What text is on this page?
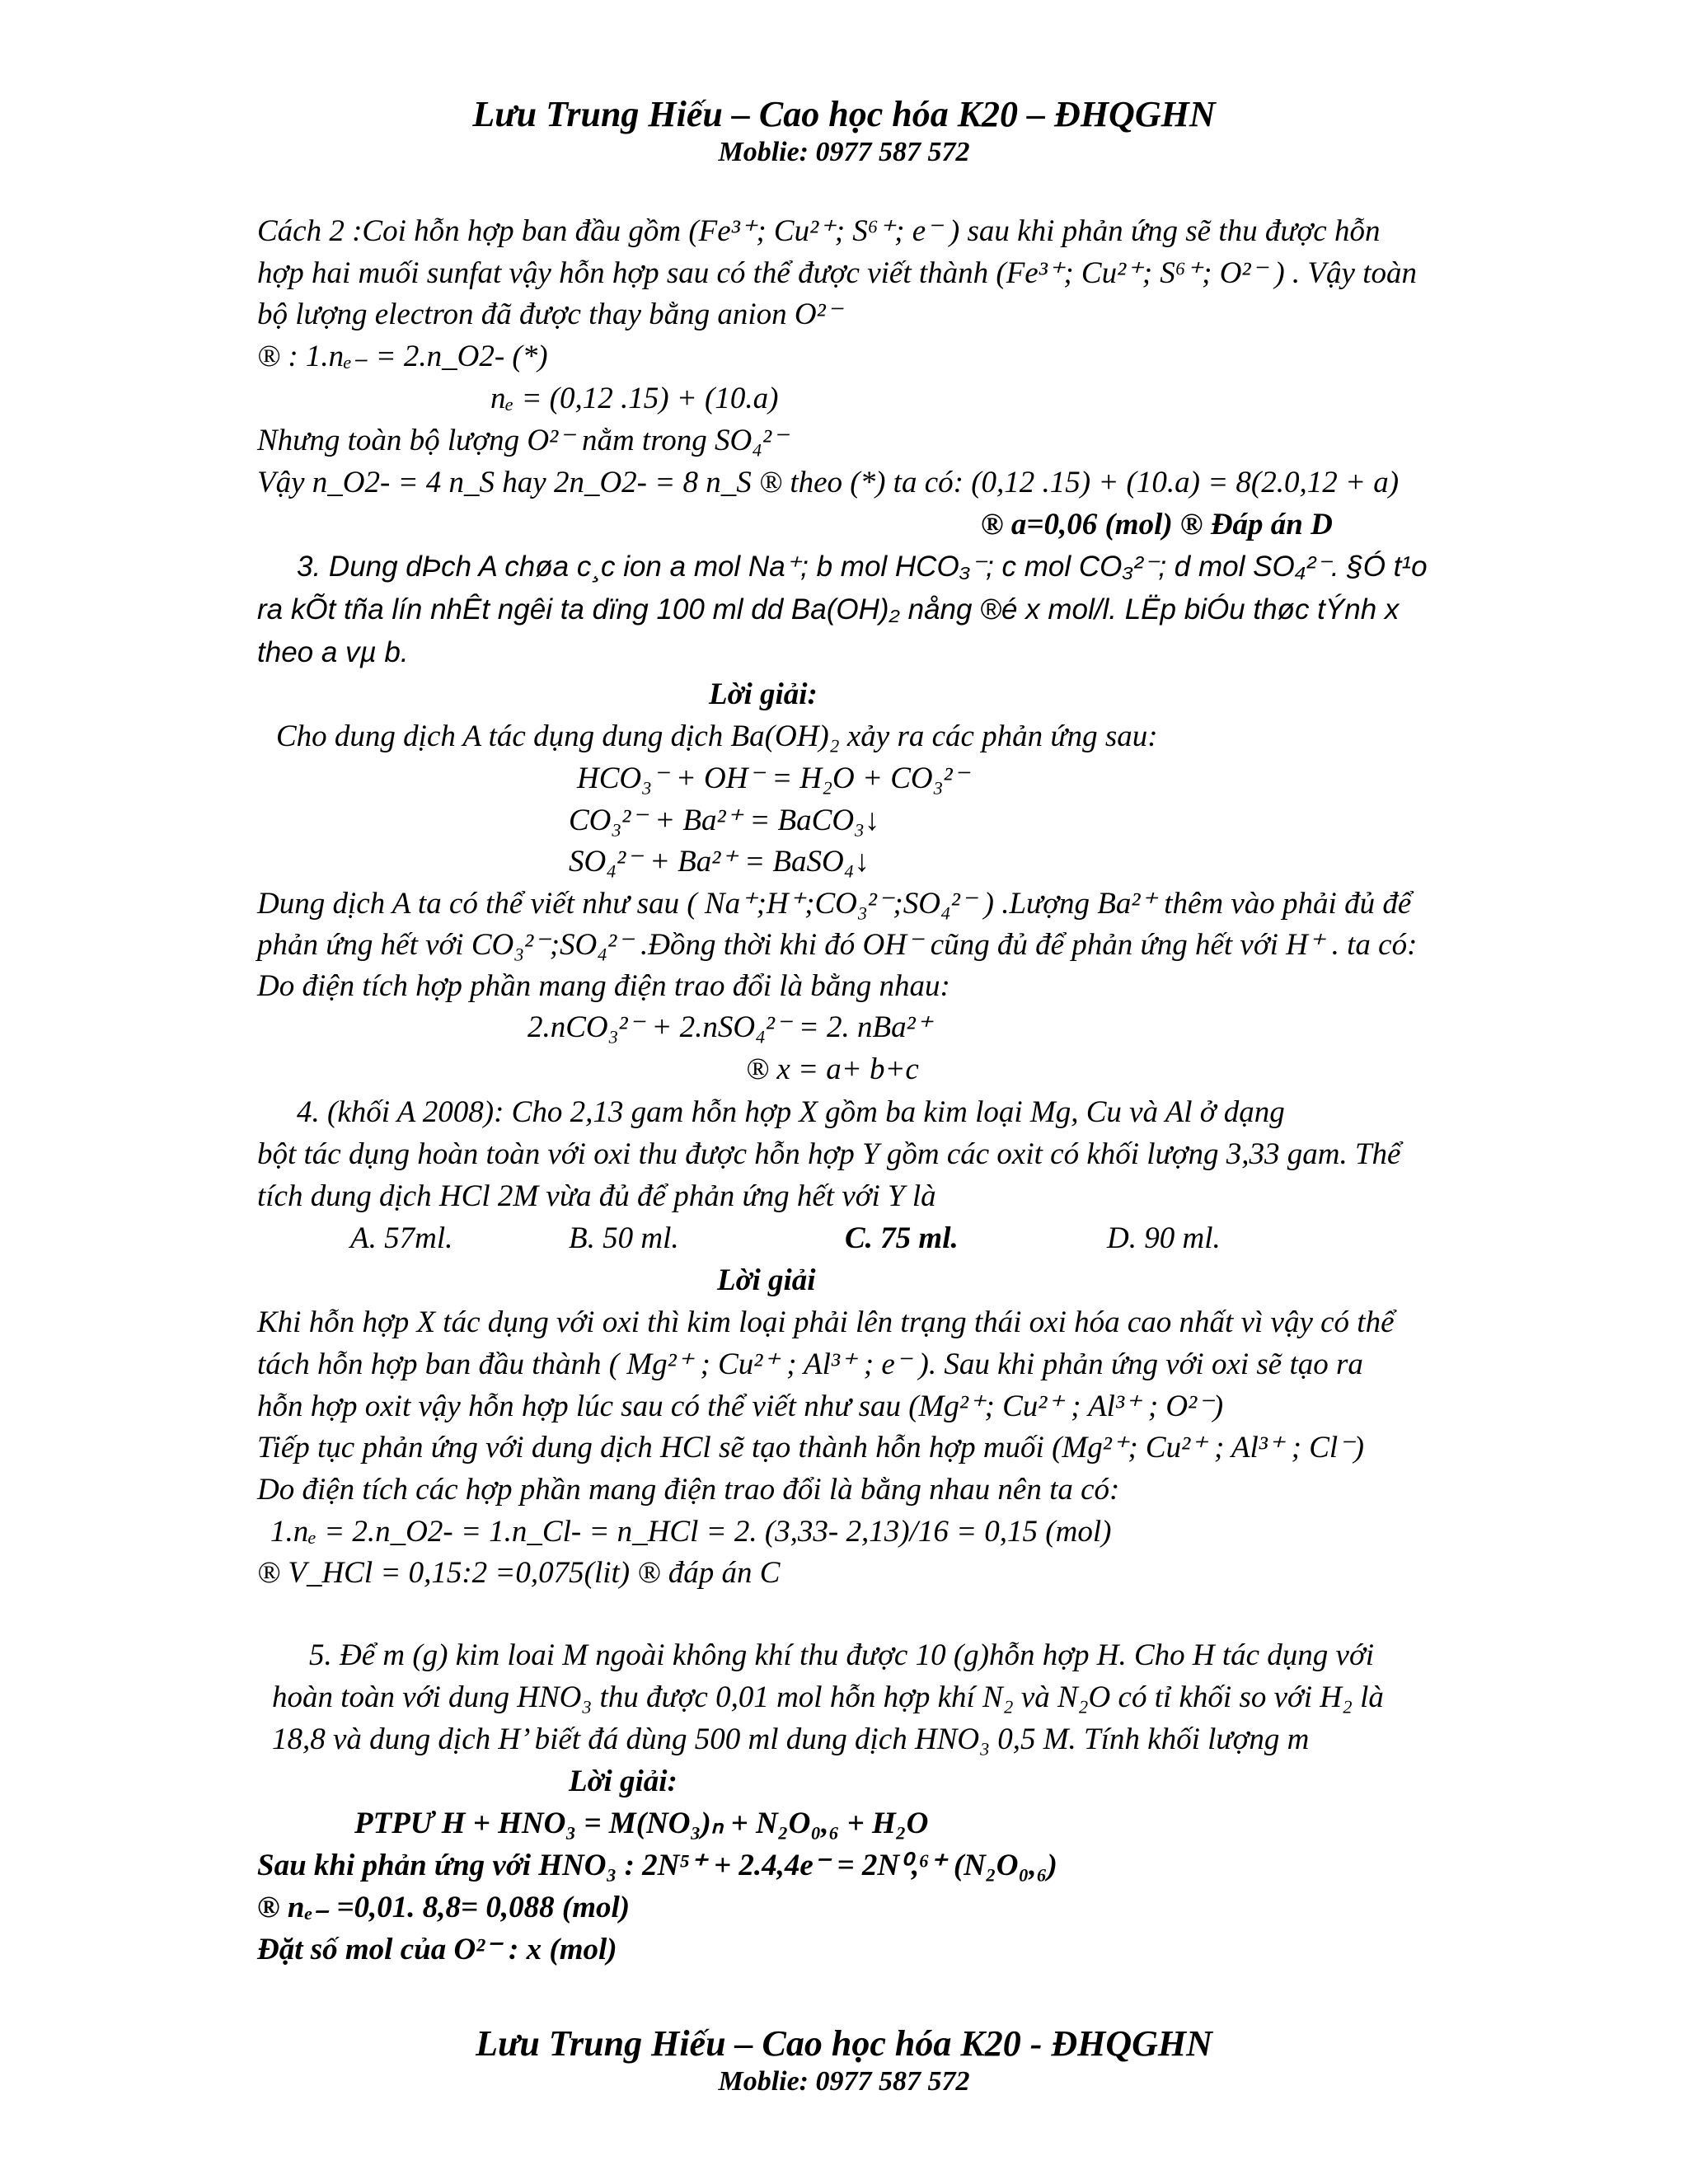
Lưu Trung Hiếu – Cao học hóa K20 – ĐHQGHN
Moblie: 0977 587 572
Cách 2 :Coi hỗn hợp ban đầu gồm (Fe³⁺; Cu²⁺; S⁶⁺; e⁻ ) sau khi phản ứng sẽ thu được hỗn
hợp hai muối sunfat vậy hỗn hợp sau có thể được viết thành (Fe³⁺; Cu²⁺; S⁶⁺; O²⁻ ) . Vậy toàn
bộ lượng electron đã được thay bằng anion O²⁻
® : 1.nₑ₋ = 2.n_O2- (*)
nₑ = (0,12 .15) + (10.a)
Nhưng toàn bộ lượng O²⁻ nằm trong SO₄²⁻
Vậy n_O2- = 4 n_S hay 2n_O2- = 8 n_S ® theo (*) ta có: (0,12 .15) + (10.a) = 8(2.0,12 + a)
® a=0,06 (mol) ® Đáp án D
3. Dung dÞch A chøa c¸c ion a mol Na⁺; b mol HCO₃⁻; c mol CO₃²⁻; d mol SO₄²⁻. §Ó t¹o
ra kÕt tña lín nhÊt ngêi ta dïng 100 ml dd Ba(OH)₂ nång ®é x mol/l. LËp biÓu thøc tÝnh x
theo a vµ b.
Lời giải:
Cho dung dịch A tác dụng dung dịch Ba(OH)₂ xảy ra các phản ứng sau:
HCO₃⁻ + OH⁻ = H₂O + CO₃²⁻
CO₃²⁻ + Ba²⁺ = BaCO₃↓
SO₄²⁻ + Ba²⁺ = BaSO₄↓
Dung dịch A ta có thể viết như sau ( Na⁺;H⁺;CO₃²⁻;SO₄²⁻ ) .Lượng Ba²⁺ thêm vào phải đủ để
phản ứng hết với CO₃²⁻;SO₄²⁻ .Đồng thời khi đó OH⁻ cũng đủ để phản ứng hết với H⁺ . ta có:
Do điện tích hợp phần mang điện trao đổi là bằng nhau:
2.nCO₃²⁻ + 2.nSO₄²⁻ = 2. nBa²⁺
® x = a+ b+c
4. (khối A 2008): Cho 2,13 gam hỗn hợp X gồm ba kim loại Mg, Cu và Al ở dạng
bột tác dụng hoàn toàn với oxi thu được hỗn hợp Y gồm các oxit có khối lượng 3,33 gam. Thể
tích dung dịch HCl 2M vừa đủ để phản ứng hết với Y là
A. 57ml.	B. 50 ml.	C. 75 ml.	D. 90 ml.
Lời giải
Khi hỗn hợp X tác dụng với oxi thì kim loại phải lên trạng thái oxi hóa cao nhất vì vậy có thể
tách hỗn hợp ban đầu thành ( Mg²⁺ ; Cu²⁺ ; Al³⁺ ; e⁻ ). Sau khi phản ứng với oxi sẽ tạo ra
hỗn hợp oxit vậy hỗn hợp lúc sau có thể viết như sau (Mg²⁺; Cu²⁺ ; Al³⁺ ; O²⁻)
Tiếp tục phản ứng với dung dịch HCl sẽ tạo thành hỗn hợp muối (Mg²⁺; Cu²⁺ ; Al³⁺ ; Cl⁻)
Do điện tích các hợp phần mang điện trao đổi là bằng nhau nên ta có:
1.nₑ = 2.n_O2- = 1.n_Cl- = n_HCl = 2. (3,33- 2,13)/16 = 0,15 (mol)
® V_HCl = 0,15:2 =0,075(lit) ® đáp án C
5. Để m (g) kim loai M ngoài không khí thu được 10 (g)hỗn hợp H. Cho H tác dụng với
hoàn toàn với dung HNO₃ thu được 0,01 mol hỗn hợp khí N₂ và N₂O có tỉ khối so với H₂ là
18,8 và dung dịch H’ biết đá dùng 500 ml dung dịch HNO₃ 0,5 M. Tính khối lượng m
Lời giải:
PTPƯ H + HNO₃ = M(NO₃)ₙ + N₂O₀,₆ + H₂O
Sau khi phản ứng với HNO₃ : 2N⁵⁺ + 2.4,4e⁻ = 2N⁰,⁶⁺ (N₂O₀,₆)
® nₑ₋ =0,01. 8,8= 0,088 (mol)
Đặt số mol của O²⁻ : x (mol)
Lưu Trung Hiếu – Cao học hóa K20 - ĐHQGHN
Moblie: 0977 587 572
